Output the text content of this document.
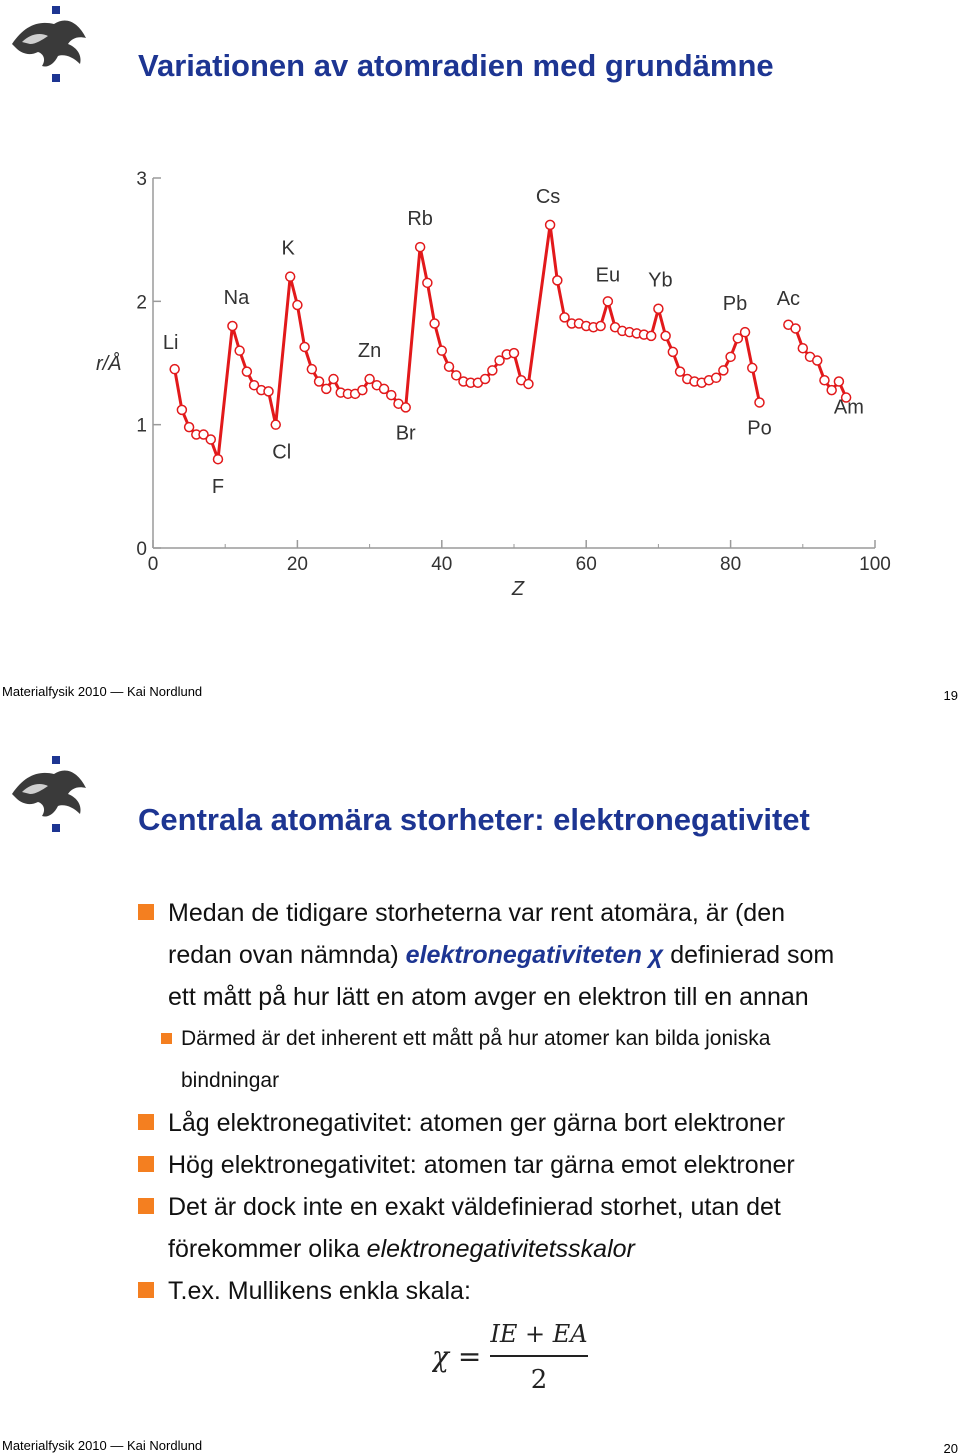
Variationen av atomradien med grundämne
0	20	40	60	80	100
0
1
2
3
Z
r/Å
Li
F
Na
Cl
K
Zn
Br
Rb
Cs
Eu Yb
Pb
Po
Ac
Am
Materialfysik 2010 — Kai Nordlund	19
Centrala atomära storheter: elektronegativitet
Medan de tidigare storheterna var rent atomära, är (den
redan ovan nämnda) elektronegativiteten χ definierad som
ett mått på hur lätt en atom avger en elektron till en annan
Därmed är det inherent ett mått på hur atomer kan bilda joniska
bindningar
Låg elektronegativitet: atomen ger gärna bort elektroner
Hög elektronegativitet: atomen tar gärna emot elektroner
Det är dock inte en exakt väldefinierad storhet, utan det
förekommer olika elektronegativitetsskalor
T.ex. Mullikens enkla skala:
χ =
IE + EA
2
Materialfysik 2010 — Kai Nordlund	20
